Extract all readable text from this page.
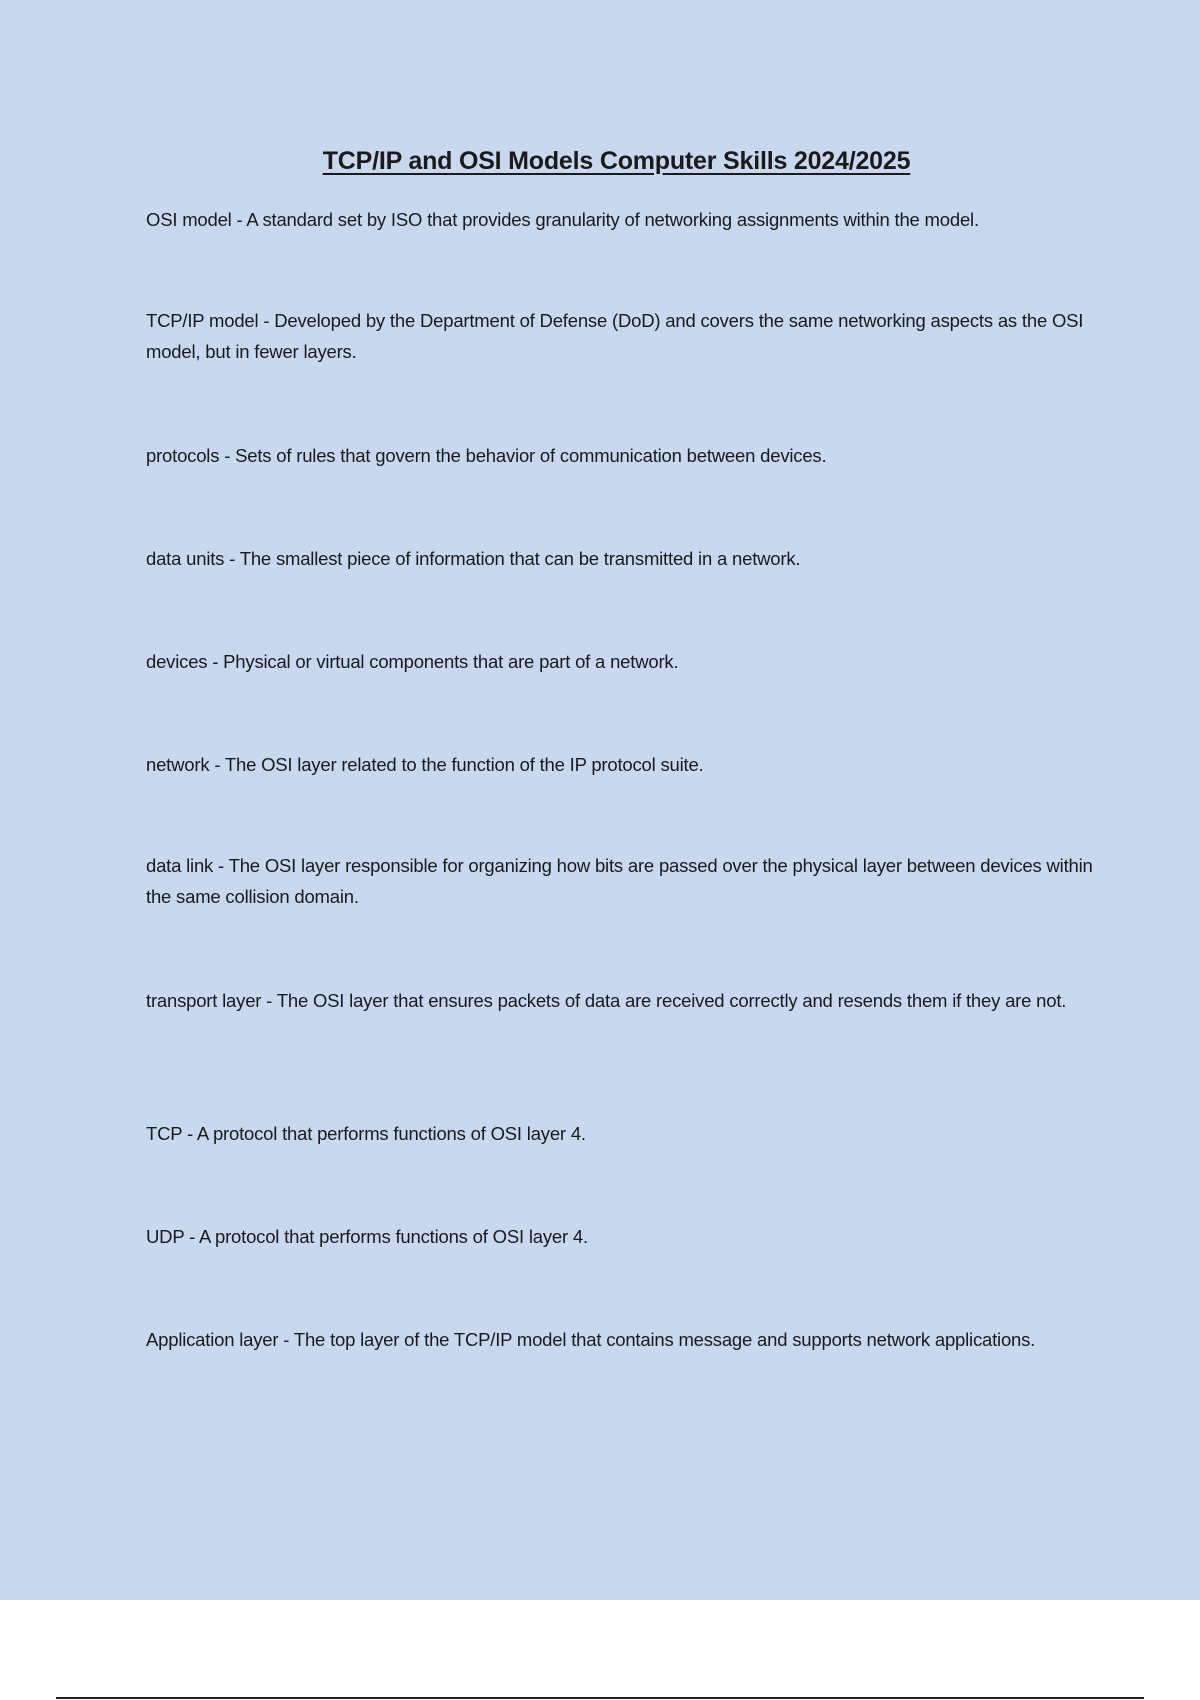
TCP/IP and OSI Models Computer Skills 2024/2025

OSI model - A standard set by ISO that provides granularity of networking assignments within the model.

TCP/IP model - Developed by the Department of Defense (DoD) and covers the same networking aspects as the OSI model, but in fewer layers.

protocols - Sets of rules that govern the behavior of communication between devices.

data units - The smallest piece of information that can be transmitted in a network.

devices - Physical or virtual components that are part of a network.

network - The OSI layer related to the function of the IP protocol suite.

data link - The OSI layer responsible for organizing how bits are passed over the physical layer between devices within the same collision domain.

transport layer - The OSI layer that ensures packets of data are received correctly and resends them if they are not.

TCP - A protocol that performs functions of OSI layer 4.

UDP - A protocol that performs functions of OSI layer 4.

Application layer - The top layer of the TCP/IP model that contains message and supports network applications.
